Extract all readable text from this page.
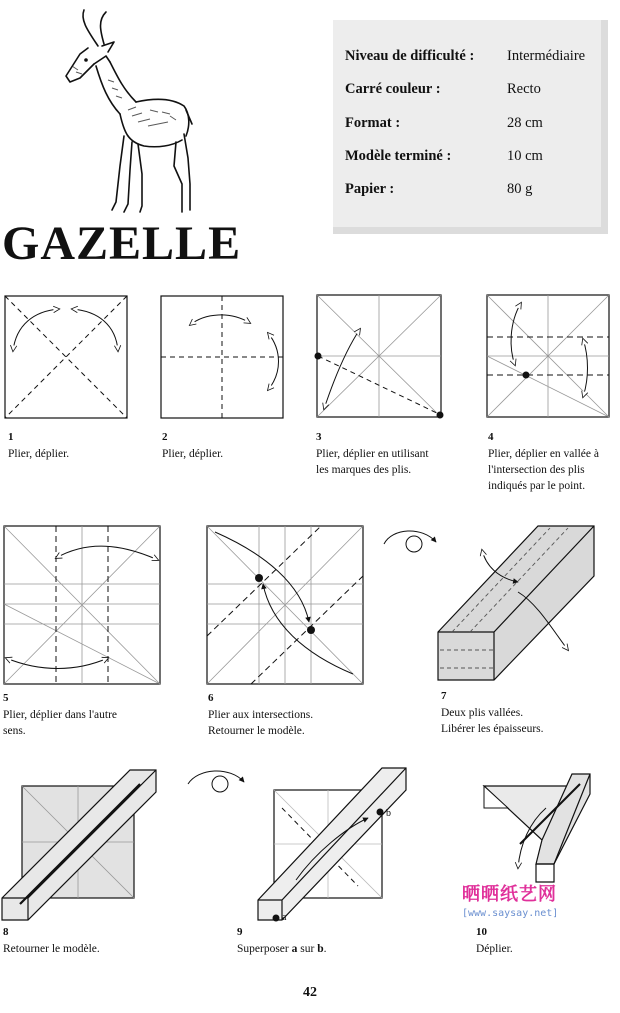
GAZELLE
Niveau de difficulté : Intermédiaire
Carré couleur :	Recto
Format :	28 cm
Modèle terminé :	10 cm
Papier :	80 g
1
Plier, déplier.
2
Plier, déplier.
3
Plier, déplier en utilisant
les marques des plis.
4
Plier, déplier en vallée à
l'intersection des plis
indiqués par le point.
5
Plier, déplier dans l'autre
sens.
6
Plier aux intersections.
Retourner le modèle.
7
Deux plis vallées.
Libérer les épaisseurs.
8
Retourner le modèle.
a
b
9
Superposer a sur b.
10
Déplier.
晒晒纸艺网
[www.saysay.net]
42
